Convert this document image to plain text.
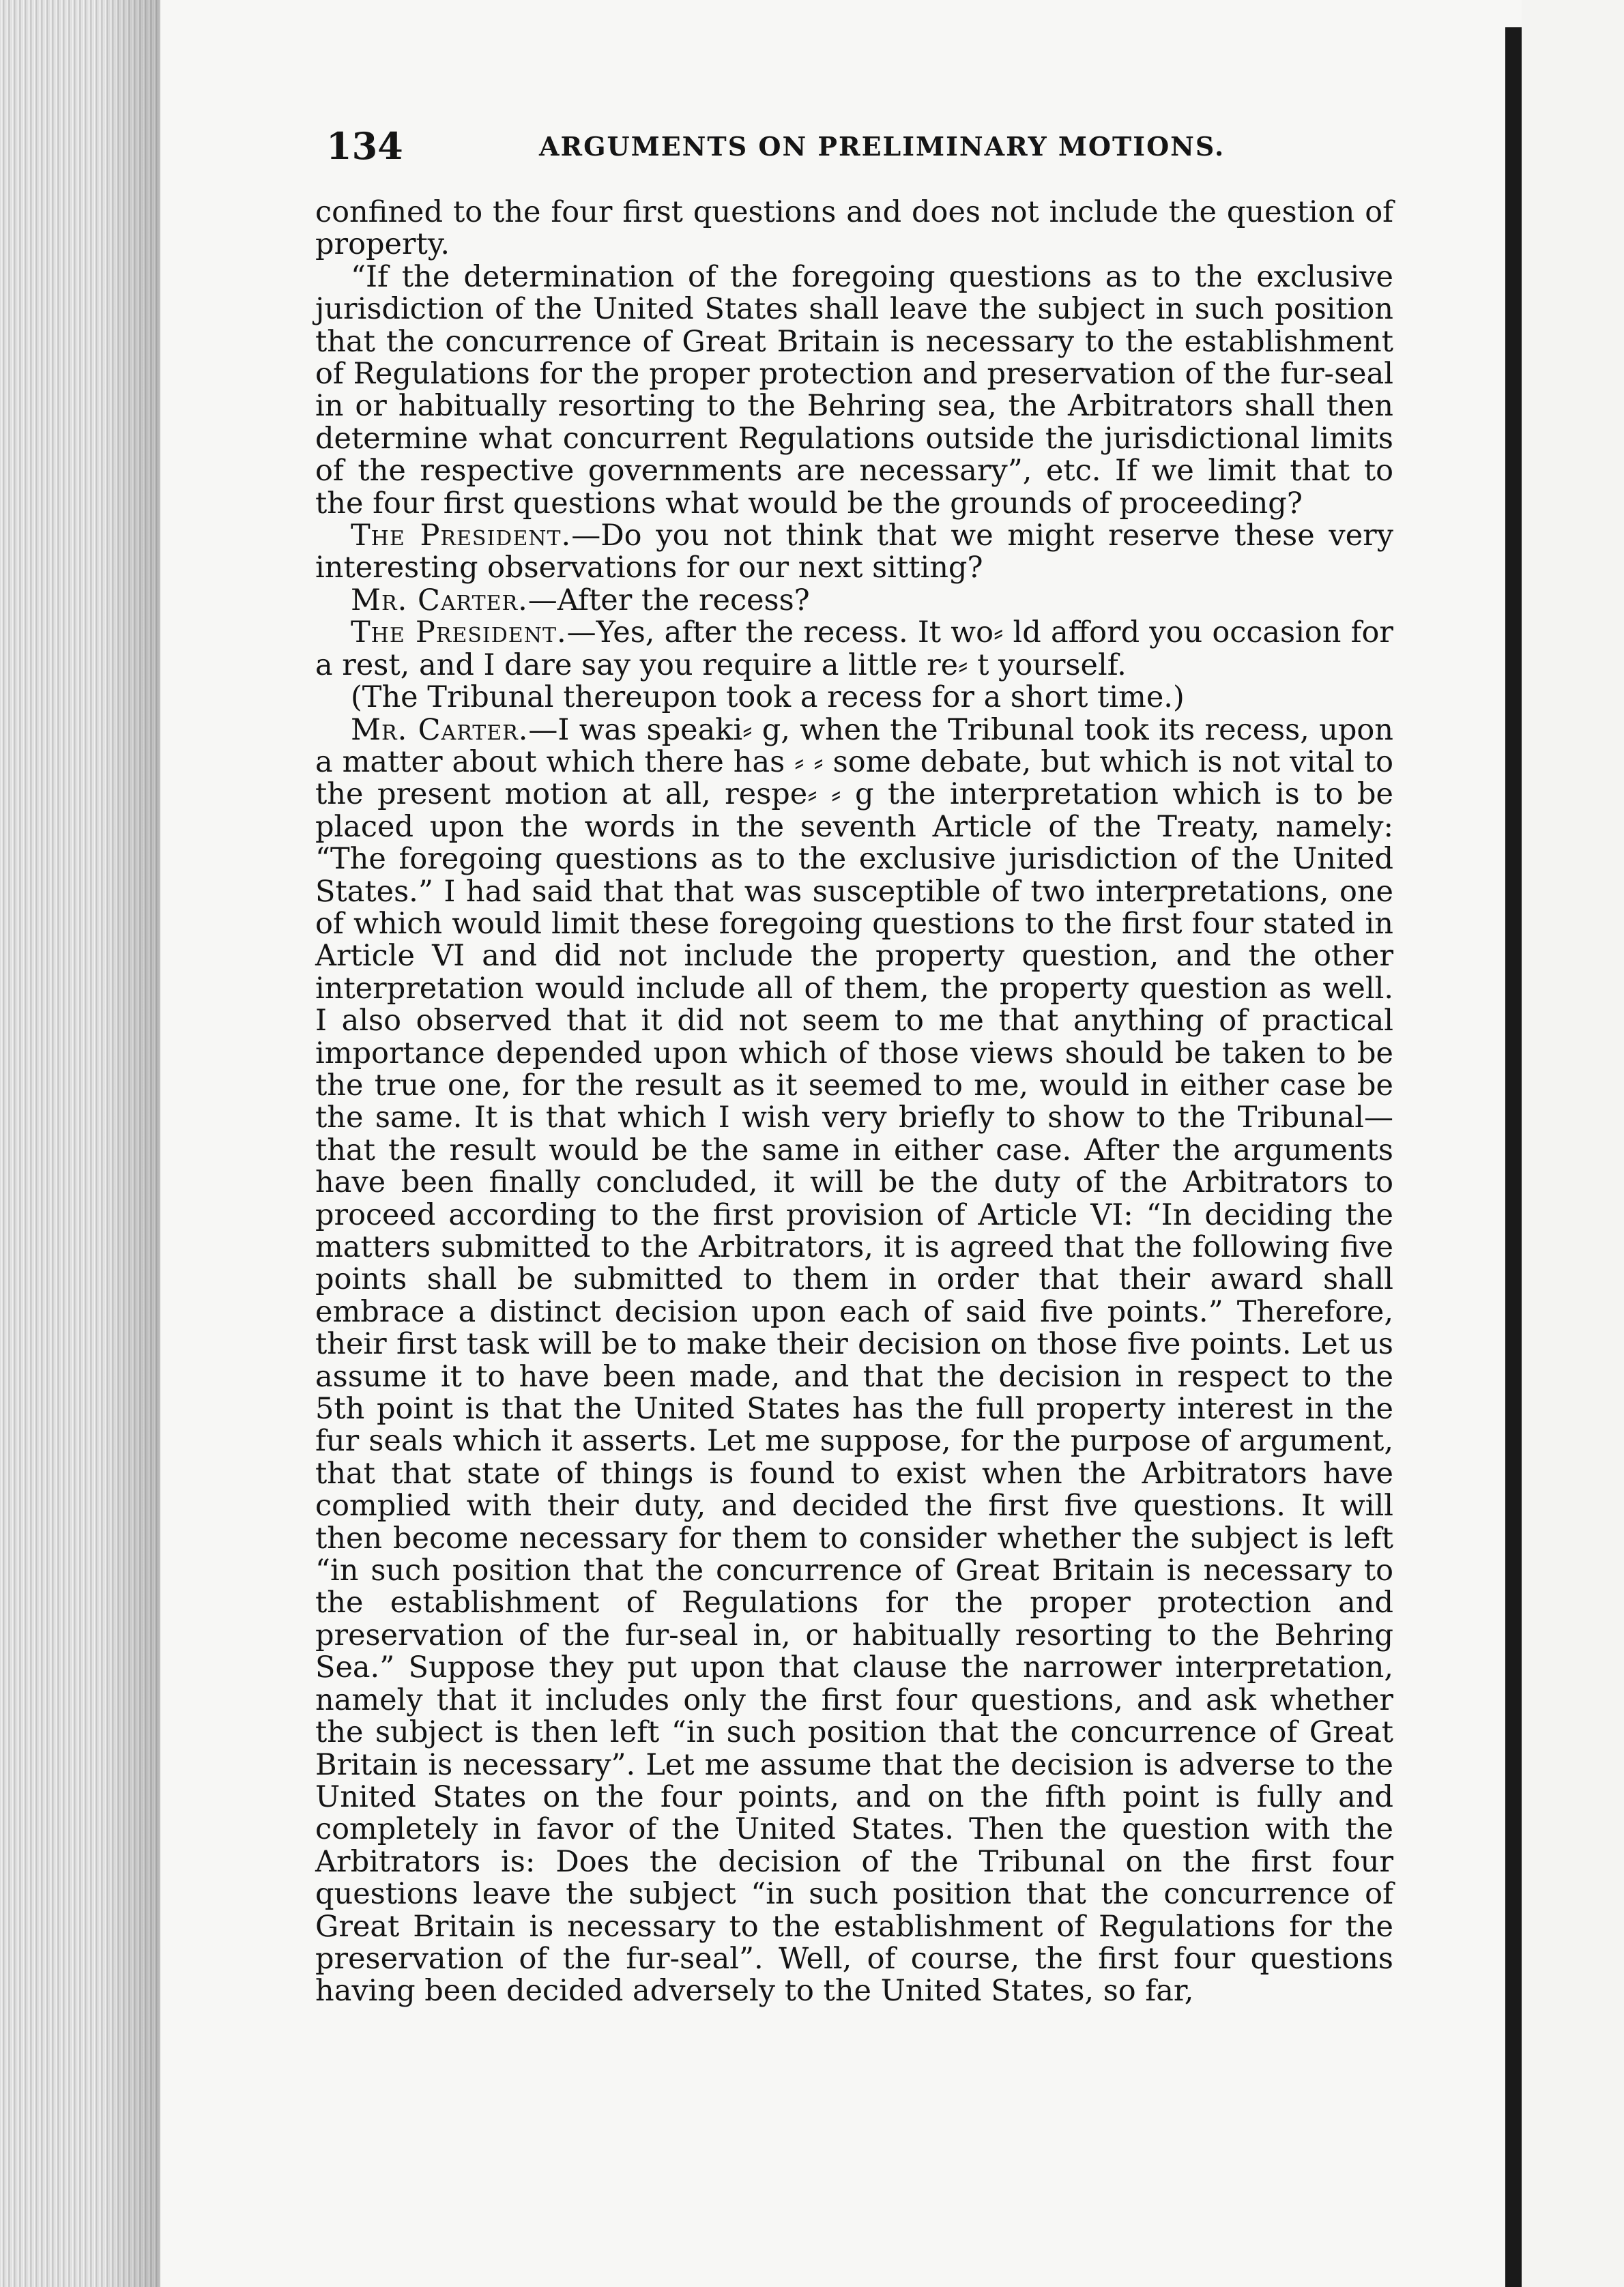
134	ARGUMENTS ON PRELIMINARY MOTIONS.

confined to the four first questions and does not include the question of property.

“If the determination of the foregoing questions as to the exclusive jurisdiction of the United States shall leave the subject in such position that the concurrence of Great Britain is necessary to the establishment of Regulations for the proper protection and preservation of the fur-seal in or habitually resorting to the Behring sea, the Arbitrators shall then determine what concurrent Regulations outside the jurisdictional limits of the respective governments are necessary”, etc. If we limit that to the four first questions what would be the grounds of proceeding?

The President.—Do you not think that we might reserve these very interesting observations for our next sitting?

Mr. Carter.—After the recess?

The President.—Yes, after the recess. It wo⸗ ld afford you occasion for a rest, and I dare say you require a little re⸗ t yourself.

(The Tribunal thereupon took a recess for a short time.)

Mr. Carter.—I was speaki⸗ g, when the Tribunal took its recess, upon a matter about which there has ⸗ ⸗ some debate, but which is not vital to the present motion at all, respe⸗ ⸗ g the interpretation which is to be placed upon the words in the seventh Article of the Treaty, namely: “The foregoing questions as to the exclusive jurisdiction of the United States.” I had said that that was susceptible of two interpretations, one of which would limit these foregoing questions to the first four stated in Article VI and did not include the property question, and the other interpretation would include all of them, the property question as well. I also observed that it did not seem to me that anything of practical importance depended upon which of those views should be taken to be the true one, for the result as it seemed to me, would in either case be the same. It is that which I wish very briefly to show to the Tribunal—that the result would be the same in either case. After the arguments have been finally concluded, it will be the duty of the Arbitrators to proceed according to the first provision of Article VI: “In deciding the matters submitted to the Arbitrators, it is agreed that the following five points shall be submitted to them in order that their award shall embrace a distinct decision upon each of said five points.” Therefore, their first task will be to make their decision on those five points. Let us assume it to have been made, and that the decision in respect to the 5th point is that the United States has the full property interest in the fur seals which it asserts. Let me suppose, for the purpose of argument, that that state of things is found to exist when the Arbitrators have complied with their duty, and decided the first five questions. It will then become necessary for them to consider whether the subject is left “in such position that the concurrence of Great Britain is necessary to the establishment of Regulations for the proper protection and preservation of the fur-seal in, or habitually resorting to the Behring Sea.” Suppose they put upon that clause the narrower interpretation, namely that it includes only the first four questions, and ask whether the subject is then left “in such position that the concurrence of Great Britain is necessary”. Let me assume that the decision is adverse to the United States on the four points, and on the fifth point is fully and completely in favor of the United States. Then the question with the Arbitrators is: Does the decision of the Tribunal on the first four questions leave the subject “in such position that the concurrence of Great Britain is necessary to the establishment of Regulations for the preservation of the fur-seal”. Well, of course, the first four questions having been decided adversely to the United States, so far,
